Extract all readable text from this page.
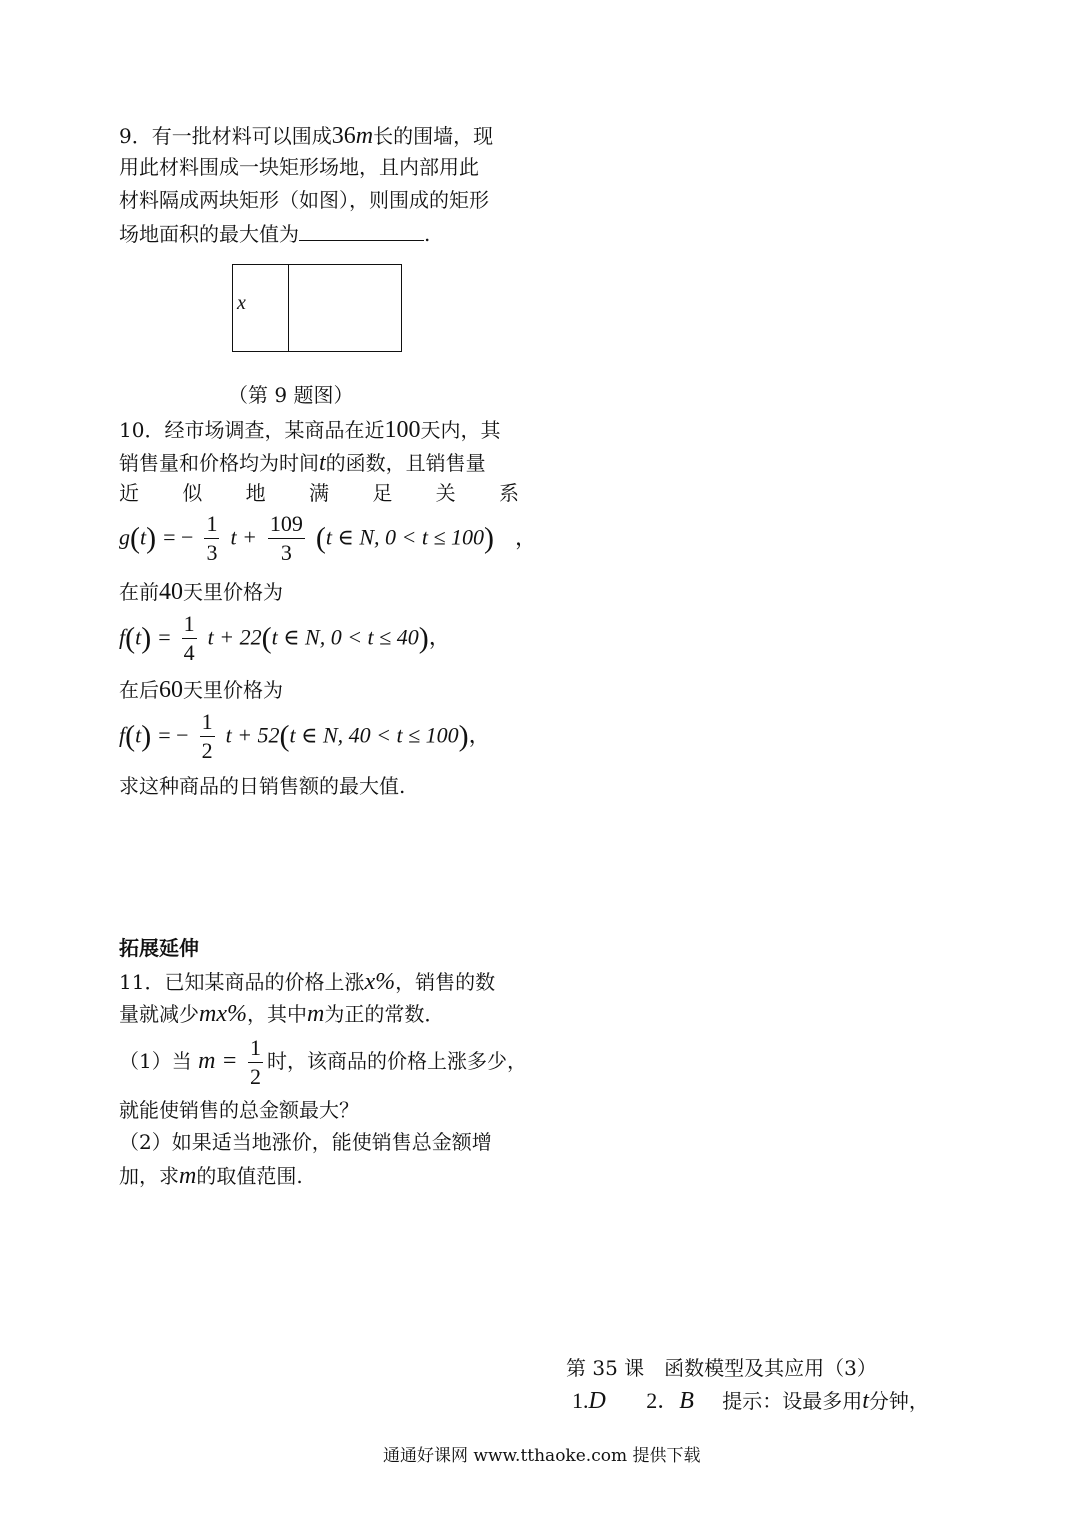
9．有一批材料可以围成36m长的围墙，现
用此材料围成一块矩形场地，且内部用此
材料隔成两块矩形（如图），则围成的矩形
场地面积的最大值为	.
x
（第 9 题图）
10．经市场调查，某商品在近100天内，其
销售量和价格均为时间t的函数，且销售量
近 似 地 满 足 关 系
g(t) = − $\frac{1}{3}$ $t + \frac{109}{3} (t$ ∈ N, 0 < t ≤ 100) ，
在前40天里价格为
$f(t) = \frac{1}{4}$ t + 22(t ∈ N, 0 < t ≤ 40)，
在后60天里价格为
f(t) = − $\frac{1}{2}$ t + 52(t ∈ N, 40 < t ≤ 100)，
求这种商品的日销售额的最大值.
拓展延伸
11．已知某商品的价格上涨x%，销售的数
量就减少mx%，其中m为正的常数．
（1）当 $m = \frac{1}{2}$ 时，该商品的价格上涨多少，
就能使销售的总金额最大？
（2）如果适当地涨价，能使销售总金额增
加，求m的取值范围.
第 35 课　函数模型及其应用（3）
1.D 2．B 提示：设最多用t分钟，
通通好课网 www.tthaoke.com 提供下载
